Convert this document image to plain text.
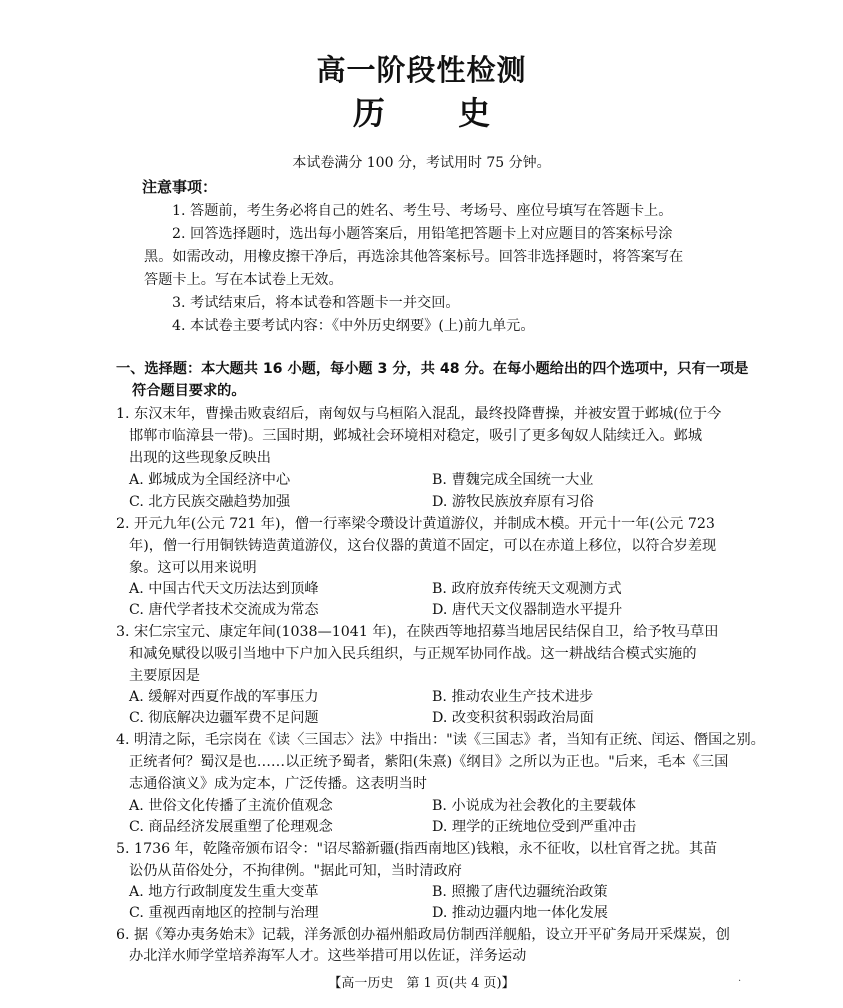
高一阶段性检测
历 史
本试卷满分 100 分，考试用时 75 分钟。
注意事项：
1. 答题前，考生务必将自己的姓名、考生号、考场号、座位号填写在答题卡上。
2. 回答选择题时，选出每小题答案后，用铅笔把答题卡上对应题目的答案标号涂
黑。如需改动，用橡皮擦干净后，再选涂其他答案标号。回答非选择题时，将答案写在
答题卡上。写在本试卷上无效。
3. 考试结束后，将本试卷和答题卡一并交回。
4. 本试卷主要考试内容：《中外历史纲要》(上)前九单元。
一、选择题：本大题共 16 小题，每小题 3 分，共 48 分。在每小题给出的四个选项中，只有一项是
符合题目要求的。
1. 东汉末年，曹操击败袁绍后，南匈奴与乌桓陷入混乱，最终投降曹操，并被安置于邺城(位于今
邯郸市临漳县一带)。三国时期，邺城社会环境相对稳定，吸引了更多匈奴人陆续迁入。邺城
出现的这些现象反映出
A. 邺城成为全国经济中心	B. 曹魏完成全国统一大业
C. 北方民族交融趋势加强	D. 游牧民族放弃原有习俗
2. 开元九年(公元 721 年)，僧一行率梁令瓒设计黄道游仪，并制成木模。开元十一年(公元 723
年)，僧一行用铜铁铸造黄道游仪，这台仪器的黄道不固定，可以在赤道上移位，以符合岁差现
象。这可以用来说明
A. 中国古代天文历法达到顶峰	B. 政府放弃传统天文观测方式
C. 唐代学者技术交流成为常态	D. 唐代天文仪器制造水平提升
3. 宋仁宗宝元、康定年间(1038—1041 年)，在陕西等地招募当地居民结保自卫，给予牧马草田
和减免赋役以吸引当地中下户加入民兵组织，与正规军协同作战。这一耕战结合模式实施的
主要原因是
A. 缓解对西夏作战的军事压力	B. 推动农业生产技术进步
C. 彻底解决边疆军费不足问题	D. 改变积贫积弱政治局面
4. 明清之际，毛宗岗在《读〈三国志〉法》中指出："读《三国志》者，当知有正统、闰运、僭国之别。
正统者何？蜀汉是也……以正统予蜀者，紫阳(朱熹)《纲目》之所以为正也。"后来，毛本《三国
志通俗演义》成为定本，广泛传播。这表明当时
A. 世俗文化传播了主流价值观念	B. 小说成为社会教化的主要载体
C. 商品经济发展重塑了伦理观念	D. 理学的正统地位受到严重冲击
5. 1736 年，乾隆帝颁布诏令："诏尽豁新疆(指西南地区)钱粮，永不征收，以杜官胥之扰。其苗
讼仍从苗俗处分，不拘律例。"据此可知，当时清政府
A. 地方行政制度发生重大变革	B. 照搬了唐代边疆统治政策
C. 重视西南地区的控制与治理	D. 推动边疆内地一体化发展
6. 据《筹办夷务始末》记载，洋务派创办福州船政局仿制西洋舰船，设立开平矿务局开采煤炭，创
办北洋水师学堂培养海军人才。这些举措可用以佐证，洋务运动
【高一历史　第 1 页(共 4 页)】	·
